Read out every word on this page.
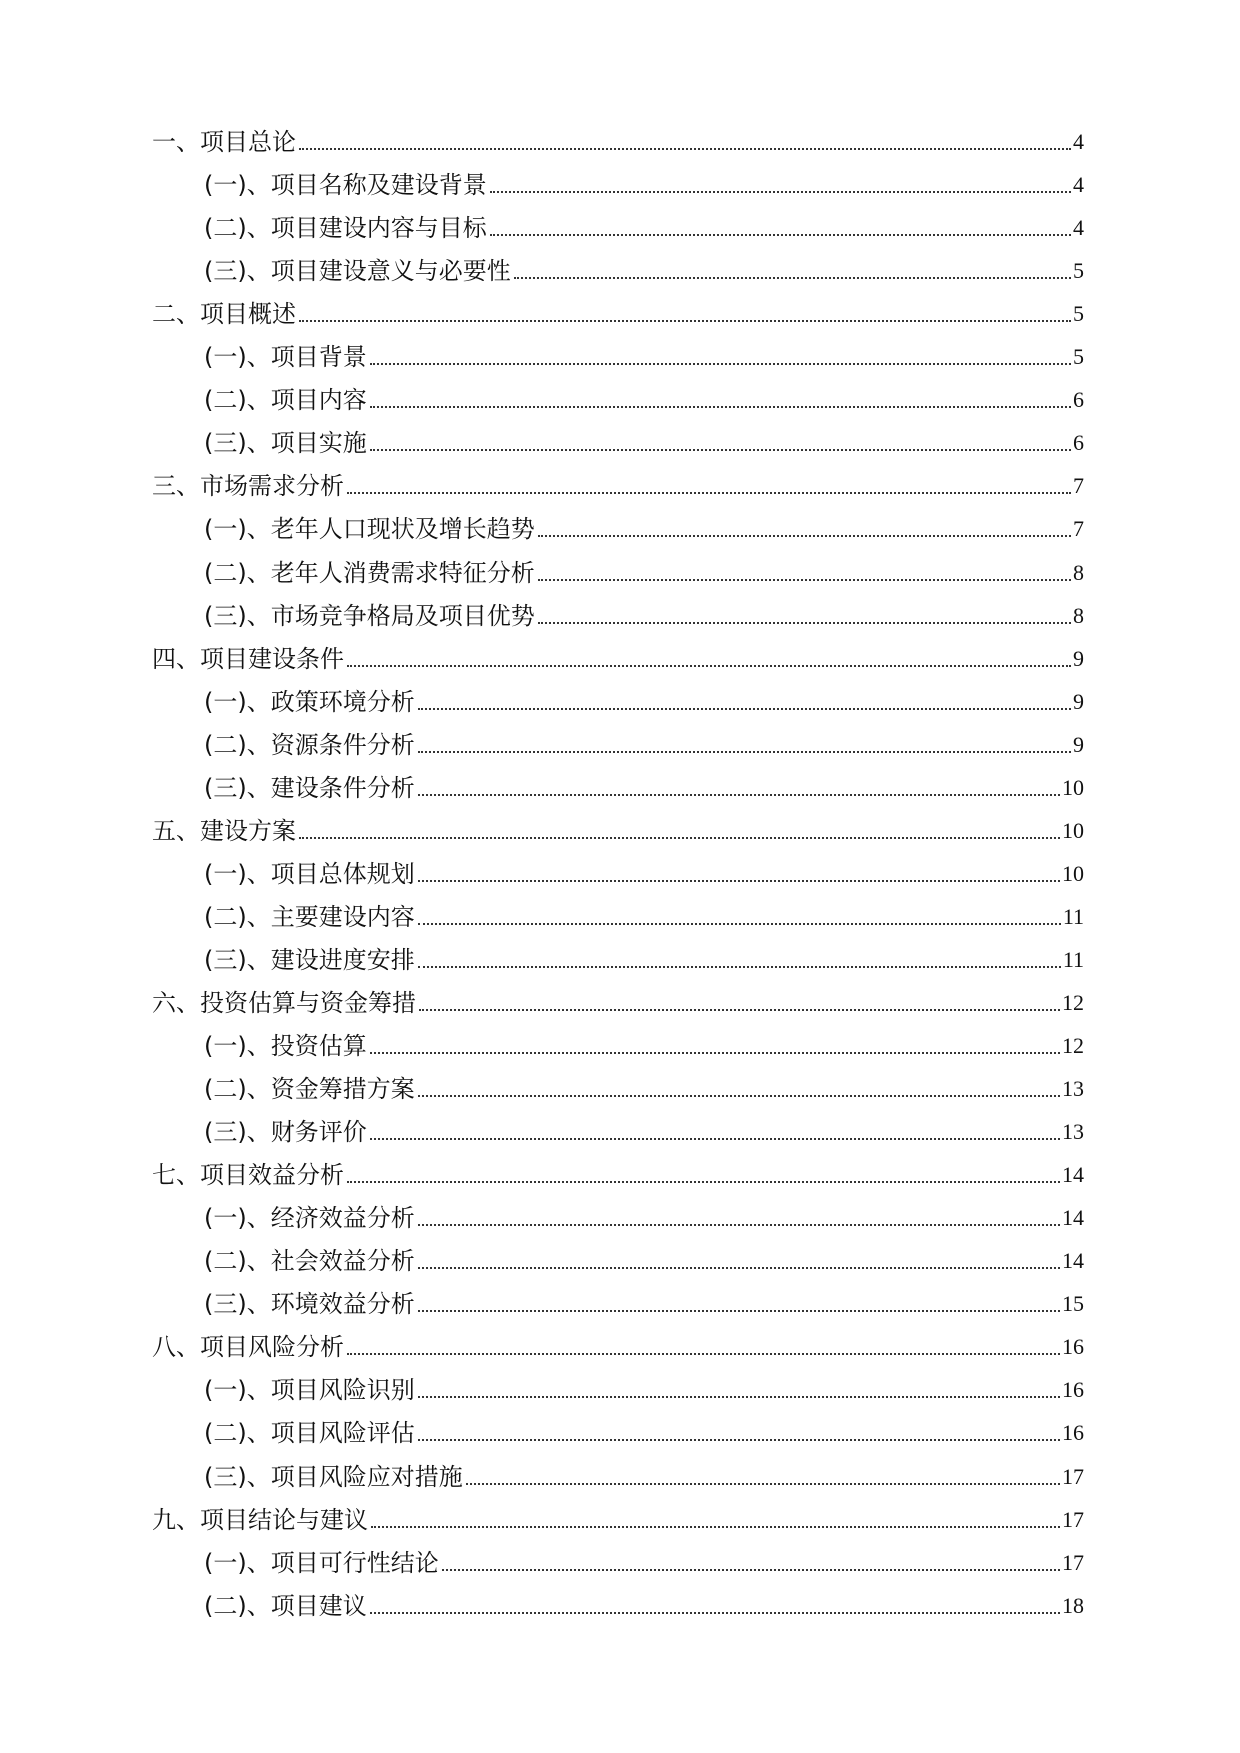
一、项目总论	4
(一)、项目名称及建设背景	4
(二)、项目建设内容与目标	4
(三)、项目建设意义与必要性	5
二、项目概述	5
(一)、项目背景	5
(二)、项目内容	6
(三)、项目实施	6
三、市场需求分析	7
(一)、老年人口现状及增长趋势	7
(二)、老年人消费需求特征分析	8
(三)、市场竞争格局及项目优势	8
四、项目建设条件	9
(一)、政策环境分析	9
(二)、资源条件分析	9
(三)、建设条件分析	10
五、建设方案	10
(一)、项目总体规划	10
(二)、主要建设内容	11
(三)、建设进度安排	11
六、投资估算与资金筹措	12
(一)、投资估算	12
(二)、资金筹措方案	13
(三)、财务评价	13
七、项目效益分析	14
(一)、经济效益分析	14
(二)、社会效益分析	14
(三)、环境效益分析	15
八、项目风险分析	16
(一)、项目风险识别	16
(二)、项目风险评估	16
(三)、项目风险应对措施	17
九、项目结论与建议	17
(一)、项目可行性结论	17
(二)、项目建议	18
